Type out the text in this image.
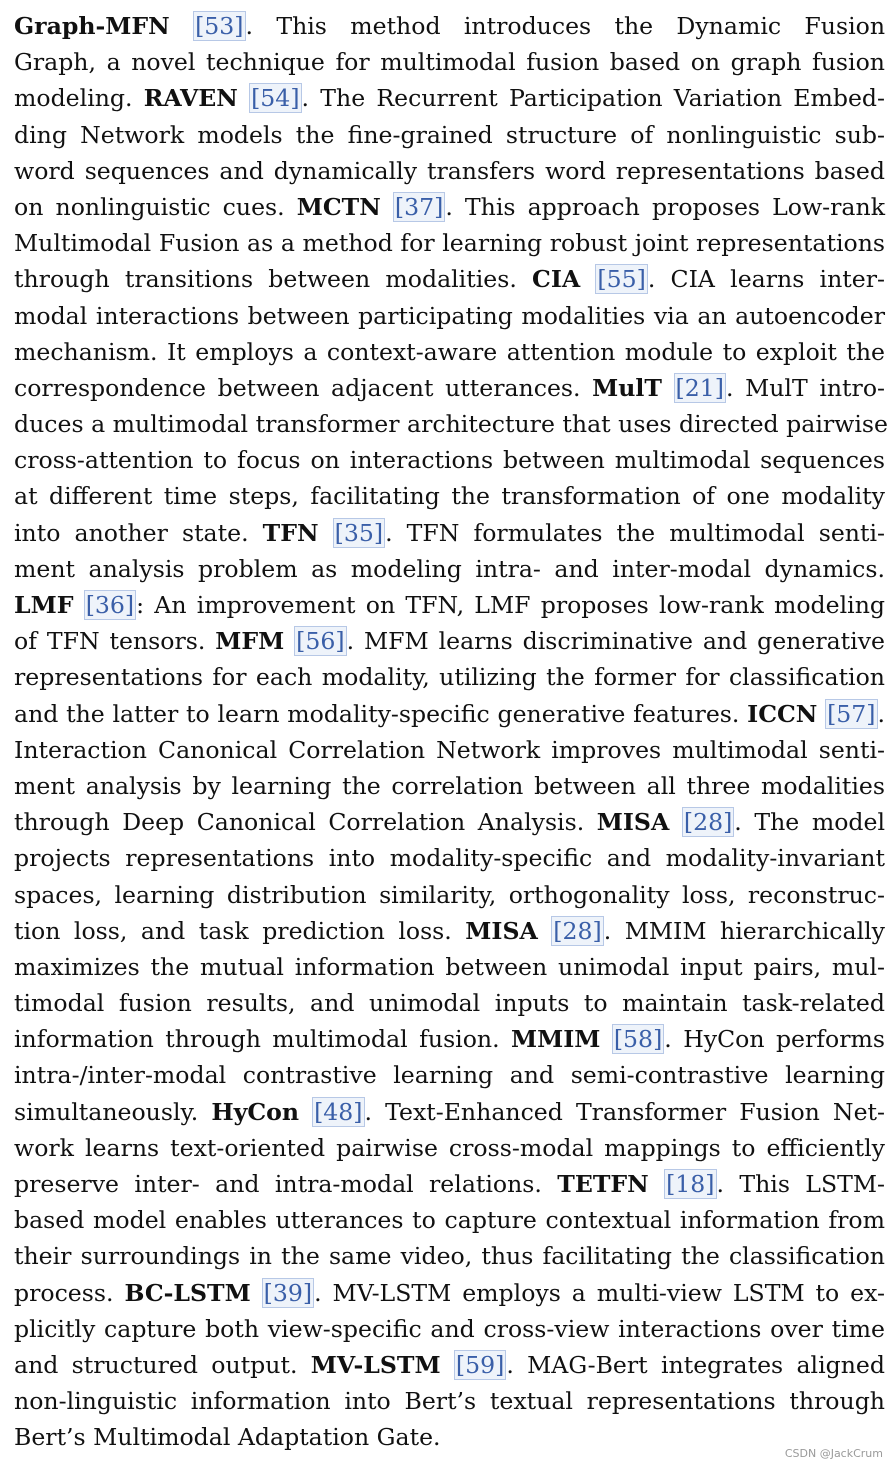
Graph-MFN [53]. This method introduces the Dynamic Fusion
Graph, a novel technique for multimodal fusion based on graph fusion
modeling. RAVEN [54]. The Recurrent Participation Variation Embed-
ding Network models the fine-grained structure of nonlinguistic sub-
word sequences and dynamically transfers word representations based
on nonlinguistic cues. MCTN [37]. This approach proposes Low-rank
Multimodal Fusion as a method for learning robust joint representations
through transitions between modalities. CIA [55]. CIA learns inter-
modal interactions between participating modalities via an autoencoder
mechanism. It employs a context-aware attention module to exploit the
correspondence between adjacent utterances. MulT [21]. MulT intro-
duces a multimodal transformer architecture that uses directed pairwise
cross-attention to focus on interactions between multimodal sequences
at different time steps, facilitating the transformation of one modality
into another state. TFN [35]. TFN formulates the multimodal senti-
ment analysis problem as modeling intra- and inter-modal dynamics.
LMF [36]: An improvement on TFN, LMF proposes low-rank modeling
of TFN tensors. MFM [56]. MFM learns discriminative and generative
representations for each modality, utilizing the former for classification
and the latter to learn modality-specific generative features. ICCN [57].
Interaction Canonical Correlation Network improves multimodal senti-
ment analysis by learning the correlation between all three modalities
through Deep Canonical Correlation Analysis. MISA [28]. The model
projects representations into modality-specific and modality-invariant
spaces, learning distribution similarity, orthogonality loss, reconstruc-
tion loss, and task prediction loss. MISA [28]. MMIM hierarchically
maximizes the mutual information between unimodal input pairs, mul-
timodal fusion results, and unimodal inputs to maintain task-related
information through multimodal fusion. MMIM [58]. HyCon performs
intra-/inter-modal contrastive learning and semi-contrastive learning
simultaneously. HyCon [48]. Text-Enhanced Transformer Fusion Net-
work learns text-oriented pairwise cross-modal mappings to efficiently
preserve inter- and intra-modal relations. TETFN [18]. This LSTM-
based model enables utterances to capture contextual information from
their surroundings in the same video, thus facilitating the classification
process. BC-LSTM [39]. MV-LSTM employs a multi-view LSTM to ex-
plicitly capture both view-specific and cross-view interactions over time
and structured output. MV-LSTM [59]. MAG-Bert integrates aligned
non-linguistic information into Bert’s textual representations through
Bert’s Multimodal Adaptation Gate.
CSDN @JackCrum
